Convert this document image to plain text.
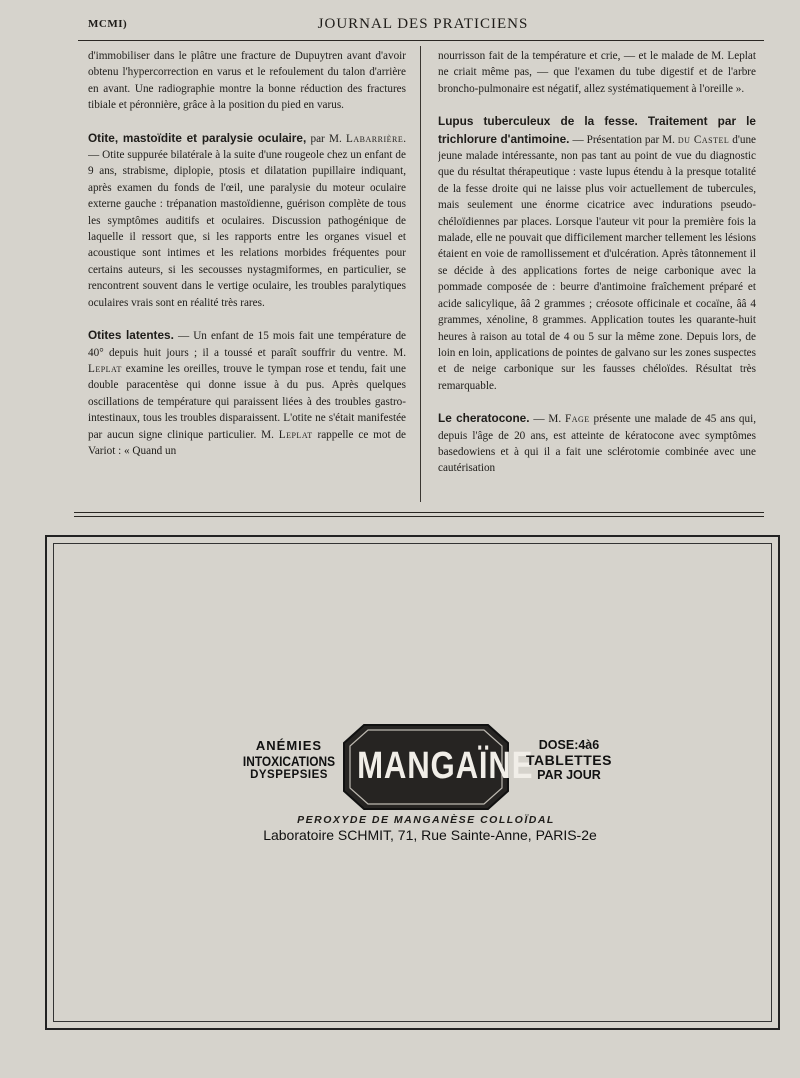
MCMI)	JOURNAL DES PRATICIENS

d'immobiliser dans le plâtre une fracture de Dupuytren avant d'avoir obtenu l'hypercorrection en varus et le refoulement du talon d'arrière en avant. Une radiographie montre la bonne réduction des fractures tibiale et péronnière, grâce à la position du pied en varus.

Otite, mastoïdite et paralysie oculaire, par M. Labarrière. — Otite suppurée bilatérale à la suite d'une rougeole chez un enfant de 9 ans, strabisme, diplopie, ptosis et dilatation pupillaire indiquant, après examen du fonds de l'œil, une paralysie du moteur oculaire externe gauche : trépanation mastoïdienne, guérison complète de tous les symptômes auditifs et oculaires. Discussion pathogénique de laquelle il ressort que, si les rapports entre les organes visuel et acoustique sont intimes et les relations morbides fréquentes pour certains auteurs, si les secousses nystagmiformes, en particulier, se rencontrent souvent dans le vertige oculaire, les troubles paralytiques oculaires vrais sont en réalité très rares.

Otites latentes. — Un enfant de 15 mois fait une température de 40° depuis huit jours ; il a toussé et paraît souffrir du ventre. M. Leplat examine les oreilles, trouve le tympan rose et tendu, fait une double paracentèse qui donne issue à du pus. Après quelques oscillations de température qui paraissent liées à des troubles gastro-intestinaux, tous les troubles disparaissent. L'otite ne s'était manifestée par aucun signe clinique particulier. M. Leplat rappelle ce mot de Variot : « Quand un

nourrisson fait de la température et crie, — et le malade de M. Leplat ne criait même pas, — que l'examen du tube digestif et de l'arbre broncho-pulmonaire est négatif, allez systématiquement à l'oreille ».

Lupus tuberculeux de la fesse. Traitement par le trichlorure d'antimoine. — Présentation par M. du Castel d'une jeune malade intéressante, non pas tant au point de vue du diagnostic que du résultat thérapeutique : vaste lupus étendu à la presque totalité de la fesse droite qui ne laisse plus voir actuellement de tubercules, mais seulement une énorme cicatrice avec indurations pseudo-chéloïdiennes par places. Lorsque l'auteur vit pour la première fois la malade, elle ne pouvait que difficilement marcher tellement les lésions étaient en voie de ramollissement et d'ulcération. Après tâtonnement il se décide à des applications fortes de neige carbonique avec la pommade composée de : beurre d'antimoine fraîchement préparé et acide salicylique, ââ 2 grammes ; créosote officinale et cocaïne, ââ 4 grammes, xénoline, 8 grammes. Application toutes les quarante-huit heures à raison au total de 4 ou 5 sur la même zone. Depuis lors, de loin en loin, applications de pointes de galvano sur les zones suspectes et de neige carbonique sur les fausses chéloïdes. Résultat très remarquable.

Le cheratocone. — M. Fage présente une malade de 45 ans qui, depuis l'âge de 20 ans, est atteinte de kératocone avec symptômes basedowiens et à qui il a fait une sclérotomie combinée avec une cautérisation

ANÉMIES
INTOXICATIONS
DYSPEPSIES MANGAÏNE DOSE:4à6
TABLETTES
PAR JOUR
PEROXYDE DE MANGANÈSE COLLOÏDAL
Laboratoire SCHMIT, 71, Rue Sainte-Anne, PARIS-2e
